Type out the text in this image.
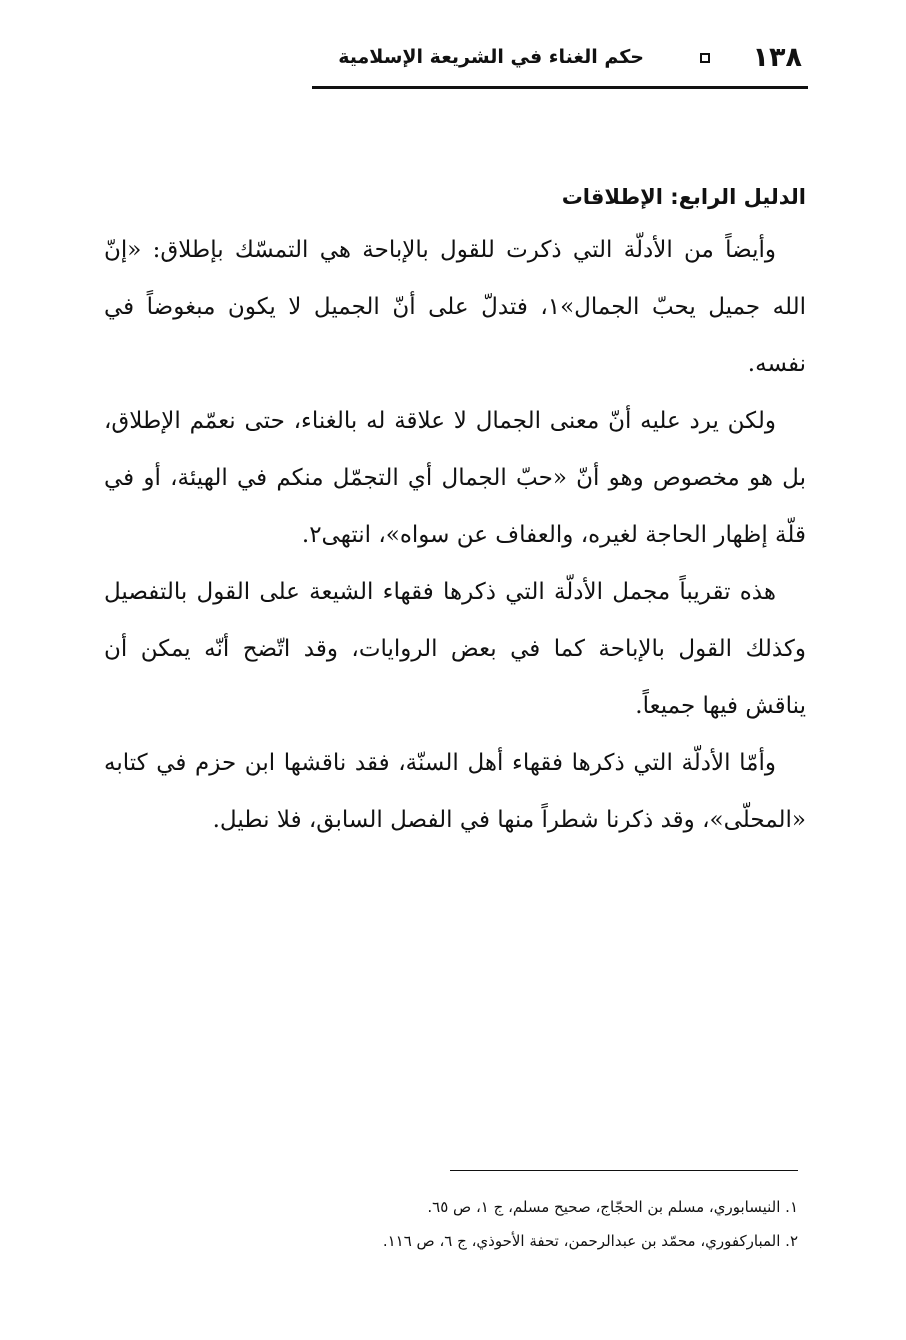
١٣٨
حكم الغناء في الشريعة الإسلامية
الدليل الرابع: الإطلاقات

وأيضاً من الأدلّة التي ذكرت للقول بالإباحة هي التمسّك بإطلاق: «إنّ الله جميل يحبّ الجمال»١، فتدلّ على أنّ الجميل لا يكون مبغوضاً في نفسه.

ولكن يرد عليه أنّ معنى الجمال لا علاقة له بالغناء، حتى نعمّم الإطلاق، بل هو مخصوص وهو أنّ «حبّ الجمال أي التجمّل منكم في الهيئة، أو في قلّة إظهار الحاجة لغيره، والعفاف عن سواه»، انتهى٢.

هذه تقريباً مجمل الأدلّة التي ذكرها فقهاء الشيعة على القول بالتفصيل وكذلك القول بالإباحة كما في بعض الروايات، وقد اتّضح أنّه يمكن أن يناقش فيها جميعاً.

وأمّا الأدلّة التي ذكرها فقهاء أهل السنّة، فقد ناقشها ابن حزم في كتابه «المحلّى»، وقد ذكرنا شطراً منها في الفصل السابق، فلا نطيل.

١. النيسابوري، مسلم بن الحجّاج، صحيح مسلم، ج ١، ص ٦٥.
٢. المباركفوري، محمّد بن عبدالرحمن، تحفة الأحوذي، ج ٦، ص ١١٦.
